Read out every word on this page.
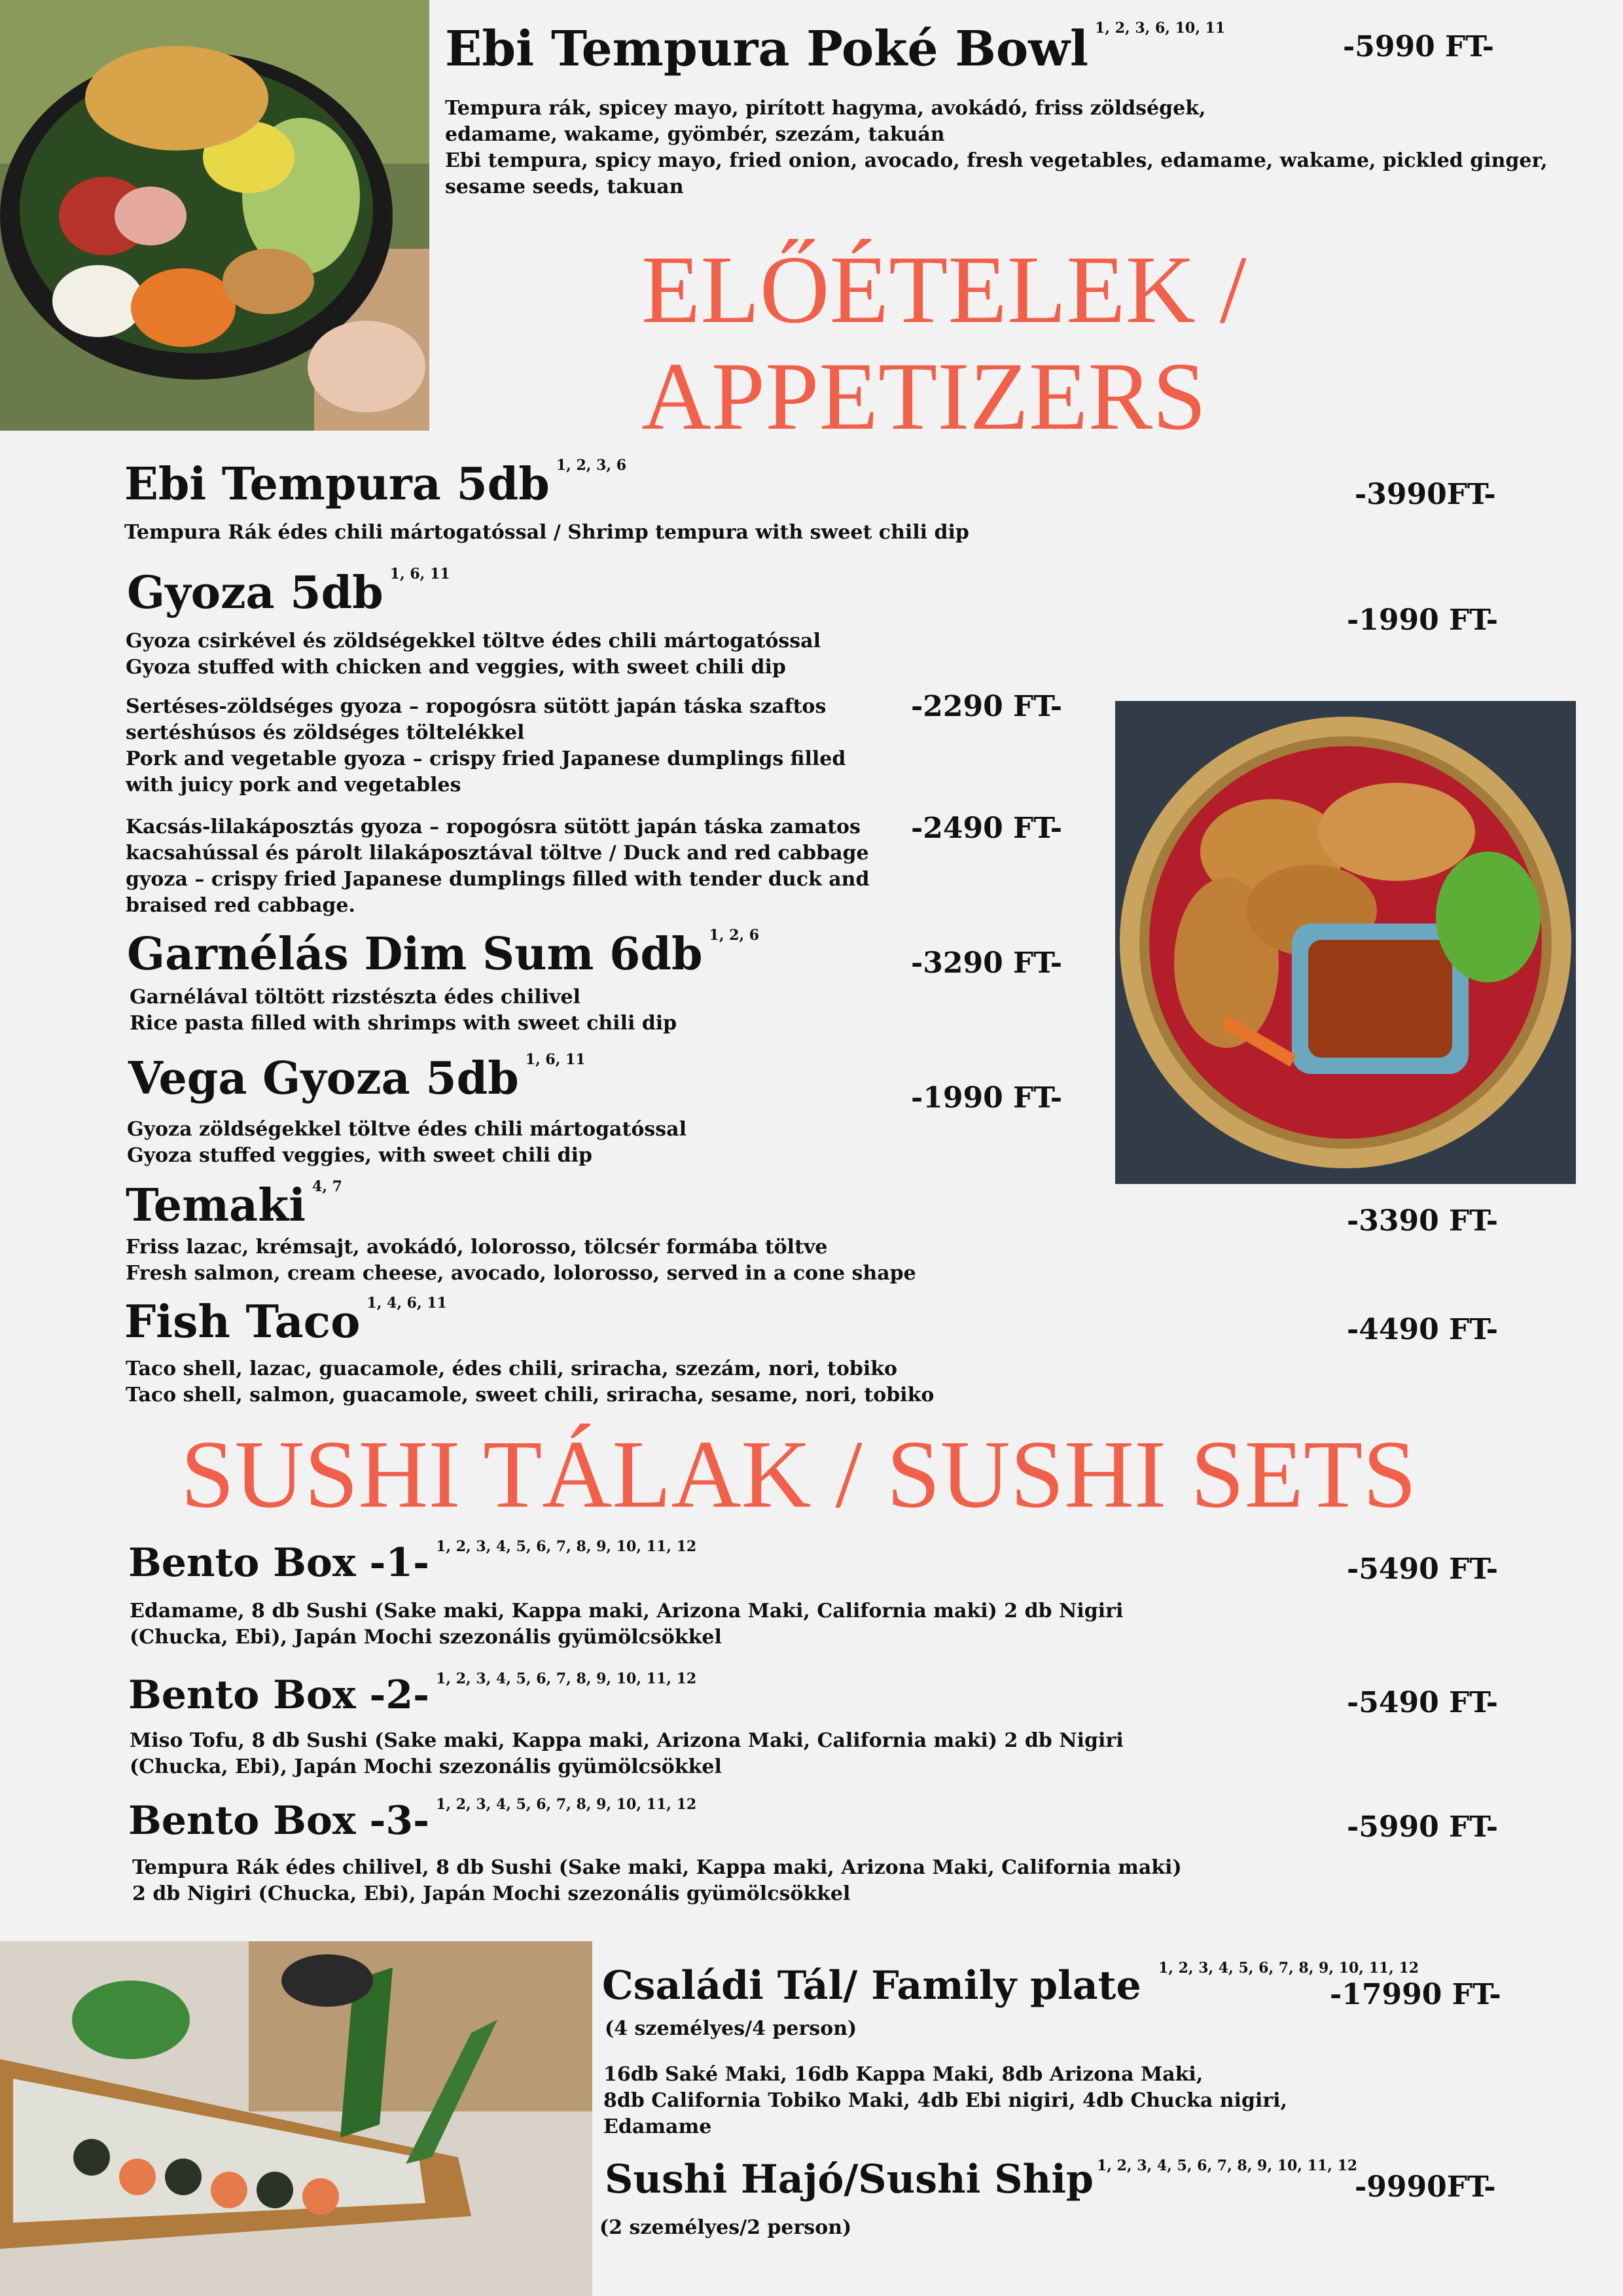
Ebi Tempura Poké Bowl $^{1, 2, 3, 6, 10, 11}$
-5990 FT-
Tempura rák, spicey mayo, pirított hagyma, avokádó, friss zöldségek,
edamame, wakame, gyömbér, szezám, takuán
Ebi tempura, spicy mayo, fried onion, avocado, fresh vegetables, edamame, wakame, pickled ginger,
sesame seeds, takuan
ELŐÉTELEK /
APPETIZERS
Ebi Tempura 5db $^{1, 2, 3, 6}$
-3990FT-
Tempura Rák édes chili mártogatóssal / Shrimp tempura with sweet chili dip
Gyoza 5db $^{1, 6, 11}$
-1990 FT-
Gyoza csirkével és zöldségekkel töltve édes chili mártogatóssal
Gyoza stuffed with chicken and veggies, with sweet chili dip
Sertéses-zöldséges gyoza – ropogósra sütött japán táska szaftos
sertéshúsos és zöldséges töltelékkel
Pork and vegetable gyoza – crispy fried Japanese dumplings filled
with juicy pork and vegetables
-2290 FT-
Kacsás-lilakáposztás gyoza – ropogósra sütött japán táska zamatos
kacsahússal és párolt lilakáposztával töltve / Duck and red cabbage
gyoza – crispy fried Japanese dumplings filled with tender duck and
braised red cabbage.
-2490 FT-
Garnélás Dim Sum 6db $^{1, 2, 6}$
-3290 FT-
Garnélával töltött rizstészta édes chilivel
Rice pasta filled with shrimps with sweet chili dip
Vega Gyoza 5db $^{1, 6, 11}$
-1990 FT-
Gyoza zöldségekkel töltve édes chili mártogatóssal
Gyoza stuffed veggies, with sweet chili dip
Temaki $^{4, 7}$
-3390 FT-
Friss lazac, krémsajt, avokádó, lolorosso, tölcsér formába töltve
Fresh salmon, cream cheese, avocado, lolorosso, served in a cone shape
Fish Taco $^{1, 4, 6, 11}$
-4490 FT-
Taco shell, lazac, guacamole, édes chili, sriracha, szezám, nori, tobiko
Taco shell, salmon, guacamole, sweet chili, sriracha, sesame, nori, tobiko
SUSHI TÁLAK / SUSHI SETS
Bento Box -1- $^{1, 2, 3, 4, 5, 6, 7, 8, 9, 10, 11, 12}$
-5490 FT-
Edamame, 8 db Sushi (Sake maki, Kappa maki, Arizona Maki, California maki) 2 db Nigiri
(Chucka, Ebi), Japán Mochi szezonális gyümölcsökkel
Bento Box -2- $^{1, 2, 3, 4, 5, 6, 7, 8, 9, 10, 11, 12}$
-5490 FT-
Miso Tofu, 8 db Sushi (Sake maki, Kappa maki, Arizona Maki, California maki) 2 db Nigiri
(Chucka, Ebi), Japán Mochi szezonális gyümölcsökkel
Bento Box -3- $^{1, 2, 3, 4, 5, 6, 7, 8, 9, 10, 11, 12}$
-5990 FT-
Tempura Rák édes chilivel, 8 db Sushi (Sake maki, Kappa maki, Arizona Maki, California maki)
2 db Nigiri (Chucka, Ebi), Japán Mochi szezonális gyümölcsökkel
Családi Tál/ Family plate 1, 2, 3, 4, 5, 6, 7, 8, 9, 10, 11, 12
-17990 FT-
(4 személyes/4 person)
16db Saké Maki, 16db Kappa Maki, 8db Arizona Maki,
8db California Tobiko Maki, 4db Ebi nigiri, 4db Chucka nigiri,
Edamame
Sushi Hajó/Sushi Ship 1, 2, 3, 4, 5, 6, 7, 8, 9, 10, 11, 12
-9990FT-
(2 személyes/2 person)
